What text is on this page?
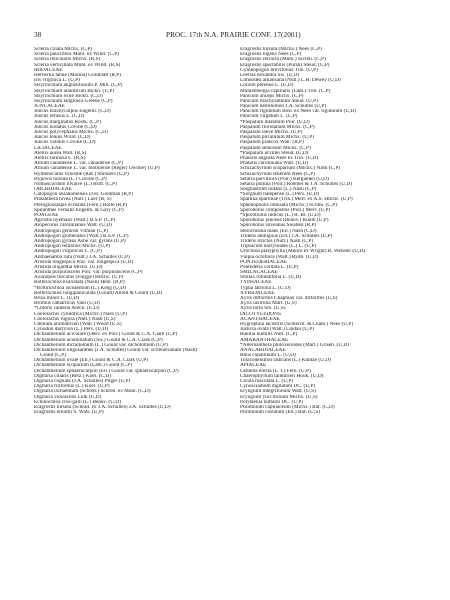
38	PROC. 17th N.A. PRAIRIE CONF. 17(2001)
Scleria ciliata Michx. (C,P)
Scleria pauciflora Muhl. ex Willd. (C,P)
Scleria reticularis Michx. (R,S)
Scleria verticillata Muhl. ex Willd. (R,S)
IRIDACEAE
Herbertia lahue (Molina) Goldblatt (R,P)
Iris virginica L. (U,P)
Sisyrinchium angustifolium P. Mill. (C,P)
Sisyrinchium atlanticum Bickn. (U,P)
Sisyrinchium exile Bickn. (C,D)
Sisyrinchium langloisii Greene (C,P)
JUNCACEAE
Juncus brachycarpus Engelm. (C,D)
Juncus effusus L. (C,D)
Juncus marginatus Rostk. (C,P)
Juncus nodatus Coville (C,D)
Juncus polycephalus Michx. (C,D)
Juncus tenuis Willd. (C,D)
Juncus validus Coville (C,D)
LILIACEAE
Aletris aurea Walt. (R,S)
Aletris farinosa L. (R,S)
Allium canadense L. var. canadense (C,P)
Allium canadense L. var. mobilense (Regel) Ownbey (U,P)
Hymenocallis liriosme (Raf.) Shinners (U,P)
Hypoxis hirsuta (L.) Coville (C,P)
Nothoscordum bivalve (L.) Britt. (C,P)
ORCHIDACEAE
Calopogon oklahomensis D.H. Goldman (R,P)
Platanthera nivea (Nutt.) Luer (R, S)
Pteroglossaspis ecristata (Fern.) Rolfe (R,P)
Spiranthes vernalis Engelm. & Gary (C,P)
POACEAE
Agrostis hyemalis (Walt.) B.S.P. (C,P)
Alopecurus carolinianus Walt. (U,D)
Andropogon gerardii Vitman (C,P)
Andropogon glomeratus (Walt.) B.S.P. (C,P)
Andropogon gyrans Ashe var. gyrans (U,P)
Andropogon ternarius Michx. (U,P)
Andropogon virginicus L. (C,P)
Anthaenantia rufa (Nutt.) J.A. Schultes (U,P)
Aristida longespica Poir. var. longespica (U,D)
Aristida oligantha Michx. (U,D)
Aristida purpurascens Poir. var. purpurascens (C,P)
Axonopus furcatus (Flugge) Hitchc. (U,P)
Bothriochloa exaristata (Nash) Henr. (R,P)
*Bothriochloa ischaemum (L.) Keng (U,D)
Bothriochloa longipaniculata (Gould) Allred & Gould (U,D)
Briza minor L. (U,D)
Bromus catharticus Vahl (U,D)
*Chloris canterai Arech. (U,D)
Coelorachis cylindrica (Michx.) Nash (U,P)
Coelorachis rugosa (Nutt.) Nash (U,S)
Ctenium aromaticum (Walt.) Wood (U,S)
Cynodon dactylon (L.) Pers. (U,D)
Dichanthelium aciculare (Desv. ex Poir.) Gould & C.A. Clark (C,P)
Dichanthelium acuminatum (Sw.) Gould & C.A. Clark (C,P)
Dichanthelium dichotomum (L.) Gould var. dichotomum (U,P)
Dichanthelium oligosanthes (J.A. Schultes) Gould var. scribnerianum (Nash)
Gould (C,P)
Dichanthelium ovale (Ell.) Gould & C.A. Clark (U,P)
Dichanthelium scoparium (Lam.) Gould (C,P)
Dichanthelium sphaerocarpon (Ell.) Gould var. sphaerocarpon (C,P)
Digitaria ciliaris (Retz.) Koel. (C,D)
Digitaria cognata (J.A. Schultes) Pilger (U,P)
Digitaria filiformis (L.) Koel. (U,P)
Digitaria ischaemum (Schreb.) Schreb. ex Muhl. (C,D)
Digitaria violascens Link (U,D)
Echinochloa crus-galli (L.) Beauv. (U,D)
Eragrostis hirsuta (Schrad. ex J.A. Schultes) J.A. Schultes (U,D)
Eragrostis elliottii S. Wats. (U,P)
Eragrostis hirsuta (Michx.) Nees (C,P)
Eragrostis lugens Nees (C,P)
Eragrostis refracta (Muhl.) Scribn. (C,P)
Eragrostis spectabilis (Pursh) Steud. (C,P)
Gymnopogon brevifolius Trin. (U,P)
Leersia hexandra Sw. (U,D)
Limnodea arkansana (Nutt.) L.H. Dewey (U,D)
Lolium perenne L. (U,D)
Muhlenbergia capillaris (Lam.) Trin. (C,P)
Panicum anceps Michx. (C,P)
Panicum brachyanthum Steud. (U,P)
Panicum hemitomon J.A. Schultes (U,P)
Panicum rigidulum Bosc ex Nees var. rigidulum (U,D)
Panicum virgatum L. (C,P)
*Paspalum dilatatum Poir. (U,D)
Paspalum floridanum Michx. (C,P)
Paspalum laeve Michx. (U,P)
Paspalum plicatulum Michx. (U,P)
Paspalum praecox Walt. (R,P)
Paspalum setaceum Michx. (C,P)
*Paspalum urvillei Steud. (U,D)
Phalaris angusta Nees ex Trin. (U,D)
Phalaris caroliniana Walt. (U,D)
Schizachyrium scoparium (Michx.) Nash (C,P)
Schizachyrium tenerum Nees (C,P)
Setaria parviflora (Poir.) Kerguélen (U,D)
Setaria pumila (Poir.) Roemer & J.A. Schultes (U,D)
Sorghastrum nutans (L.) Nash (C,P)
*Sorghum halepense (L.) Pers. (U,D)
Spartina spartinae (Trin.) Merr. ex A.S. Hitchc. (U,P)
Sphenopholis obtusata (Michx.) Scribn. (C,P)
Sporobolus compositus (Poir.) Merr. (U,P)
*Sporobolus indicus (L.) R. Br. (U,D)
Sporobolus junceus (Beauv.) Kunth (U,P)
Sporobolus silveanus Swallen (R,P)
Steinchisma hians (Ell.) Nash (C,D)
Tridens ambiguus (Ell.) J.A. Schultes (U,P)
Tridens strictus (Nutt.) Nash (C,P)
Tripsacum dactyloides (L.) L. (U,P)
Urochloa platyphylla (Munro ex Wright) R. Webster (U,D)
Vulpia octoflora (Walt.) Rydb. (U,D)
PONTEDERIACEAE
Pontederia cordata L. (U,P)
SMILACACEAE
Smilax rotundifolia L. (U,D)
TYPHACEAE
Typha latifolia L. (U,D)
XYRIDACEAE
Xyris difformis Chapman var. difformis (U,S)
Xyris laxifolia Mart. (U,S)
Xyris torta Sm. (U,S)
DICOTYLEDONS
ACANTHACEAE
Hygrophila lacustris (Schlecht. & Cham.) Nees (U,P)
Justicia ovata (Walt.) Lindau (U,P)
Ruellia humilis Nutt. (C,P)
AMARANTHACEAE
*Alternanthera philoxeroides (Mart.) Griseb. (U,D)
ANACARDIACEAE
Rhus copallinum L. (U,D)
Toxicodendron radicans (L.) Kuntze (U,D)
APIACEAE
Centella erecta (L. f.) Fern. (U,P)
Chaerophyllum tainturieri Hook. (U,D)
Cicuta maculata L. (U,P)
Cynosciadium digitatum DC. (U,P)
Eryngium integrifolium Walt. (U,S)
Eryngium yuccifolium Michx. (U,S)
Polytaenia nuttallii DC. (U,P)
Ptilimnium capillaceum (Michx.) Raf. (C,D)
Ptilimnium costatum (Ell.) Raf. (U,S)
